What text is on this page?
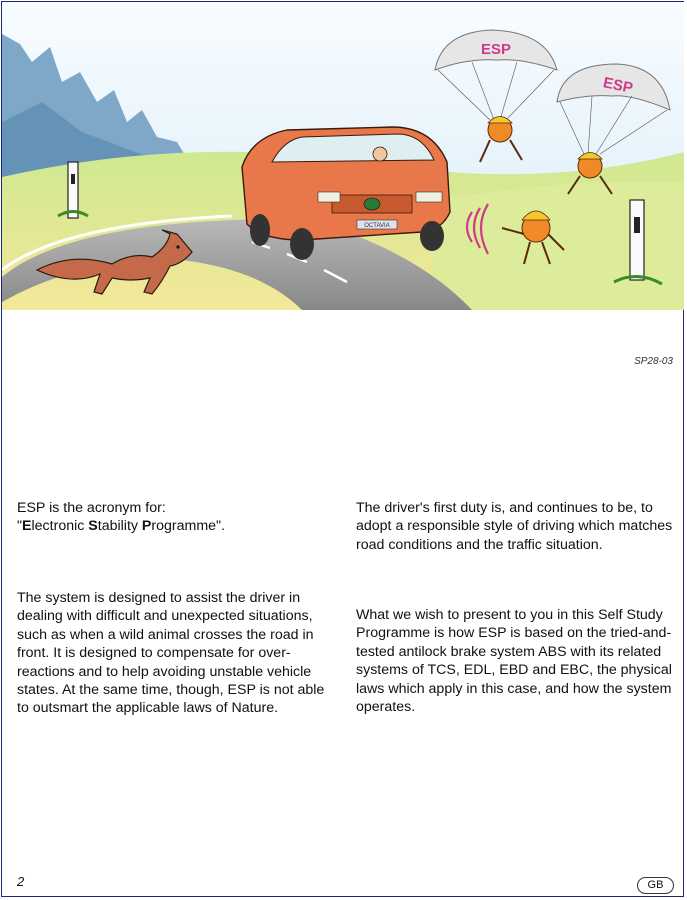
OCTAVIA
ESP
ESP
SP28-03

ESP is the acronym for:
"Electronic Stability Programme".

The system is designed to assist the driver in dealing with difficult and unexpected situations, such as when a wild animal crosses the road in front. It is designed to compensate for over-reactions and to help avoiding unstable vehicle states. At the same time, though, ESP is not able to outsmart the applicable laws of Nature.

The driver's first duty is, and continues to be, to adopt a responsible style of driving which matches road conditions and the traffic situation.

What we wish to present to you in this Self Study Programme is how ESP is based on the tried-and-tested antilock brake system ABS with its related systems of TCS, EDL, EBD and EBC, the physical laws which apply in this case, and how the system operates.

2	GB
